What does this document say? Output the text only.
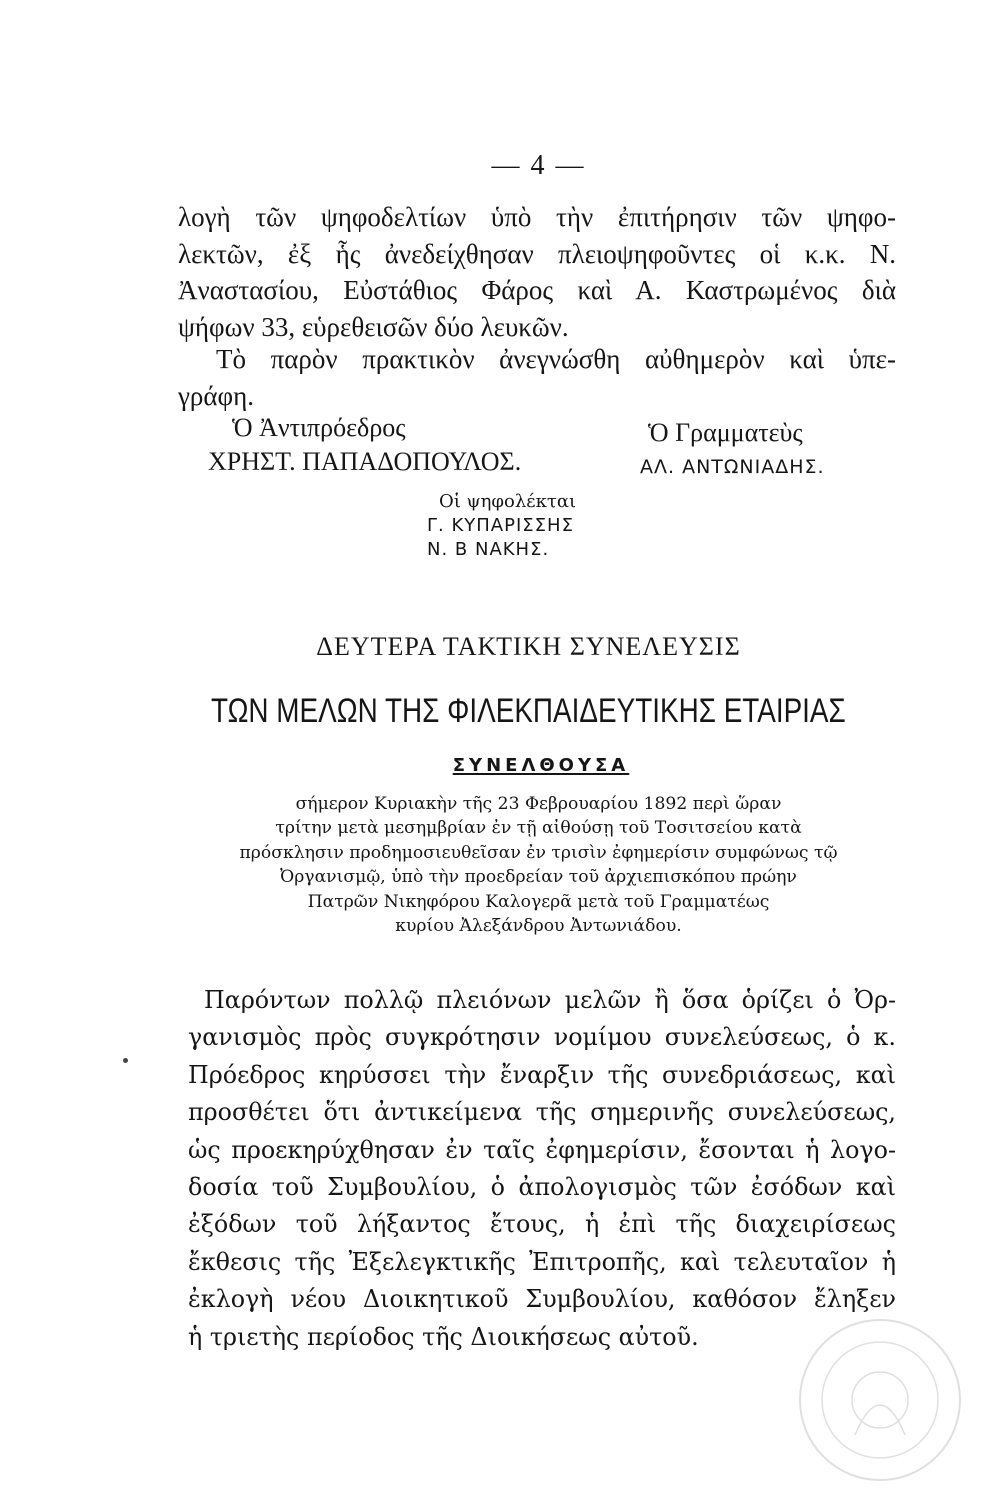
— 4 —
λογὴ τῶν ψηφοδελτίων ὑπὸ τὴν ἐπιτήρησιν τῶν ψηφο-
λεκτῶν, ἐξ ἧς ἀνεδείχθησαν πλειοψηφοῦντες οἱ κ.κ. Ν.
Ἀναστασίου, Εὐστάθιος Φάρος καὶ Α. Καστρωμένος διὰ
ψήφων 33, εὑρεθεισῶν δύο λευκῶν.
Τὸ παρὸν πρακτικὸν ἀνεγνώσθη αὐθημερὸν καὶ ὑπε-
γράφη.
Ὁ Ἀντιπρόεδρος
ΧΡΗΣΤ. ΠΑΠΑΔΟΠΟΥΛΟΣ.
Ὁ Γραμματεὺς
ΑΛ. ΑΝΤΩΝΙΑΔΗΣ.
Οἱ ψηφολέκται
Γ. ΚΥΠΑΡΙΣΣΗΣ
Ν. Β ΝΑΚΗΣ.
ΔΕΥΤΕΡΑ ΤΑΚΤΙΚΗ ΣΥΝΕΛΕΥΣΙΣ
ΤΩΝ ΜΕΛΩΝ ΤΗΣ ΦΙΛΕΚΠΑΙΔΕΥΤΙΚΗΣ ΕΤΑΙΡΙΑΣ
ΣΥΝΕΛΘΟΥΣΑ
σήμερον Κυριακὴν τῆς 23 Φεβρουαρίου 1892 περὶ ὥραν
τρίτην μετὰ μεσημβρίαν ἐν τῇ αἰθούσῃ τοῦ Τοσιτσείου κατὰ
πρόσκλησιν προδημοσιευθεῖσαν ἐν τρισὶν ἐφημερίσιν συμφώνως τῷ
Ὀργανισμῷ, ὑπὸ τὴν προεδρείαν τοῦ ἀρχιεπισκόπου πρώην
Πατρῶν Νικηφόρου Καλογερᾶ μετὰ τοῦ Γραμματέως
κυρίου Ἀλεξάνδρου Ἀντωνιάδου.
Παρόντων πολλῷ πλειόνων μελῶν ἢ ὅσα ὁρίζει ὁ Ὀρ-
γανισμὸς πρὸς συγκρότησιν νομίμου συνελεύσεως, ὁ κ.
Πρόεδρος κηρύσσει τὴν ἔναρξιν τῆς συνεδριάσεως, καὶ
προσθέτει ὅτι ἀντικείμενα τῆς σημερινῆς συνελεύσεως,
ὡς προεκηρύχθησαν ἐν ταῖς ἐφημερίσιν, ἔσονται ἡ λογο-
δοσία τοῦ Συμβουλίου, ὁ ἀπολογισμὸς τῶν ἐσόδων καὶ
ἐξόδων τοῦ λήξαντος ἔτους, ἡ ἐπὶ τῆς διαχειρίσεως
ἔκθεσις τῆς Ἐξελεγκτικῆς Ἐπιτροπῆς, καὶ τελευταῖον ἡ
ἐκλογὴ νέου Διοικητικοῦ Συμβουλίου, καθόσον ἔληξεν
ἡ τριετὴς περίοδος τῆς Διοικήσεως αὐτοῦ.
